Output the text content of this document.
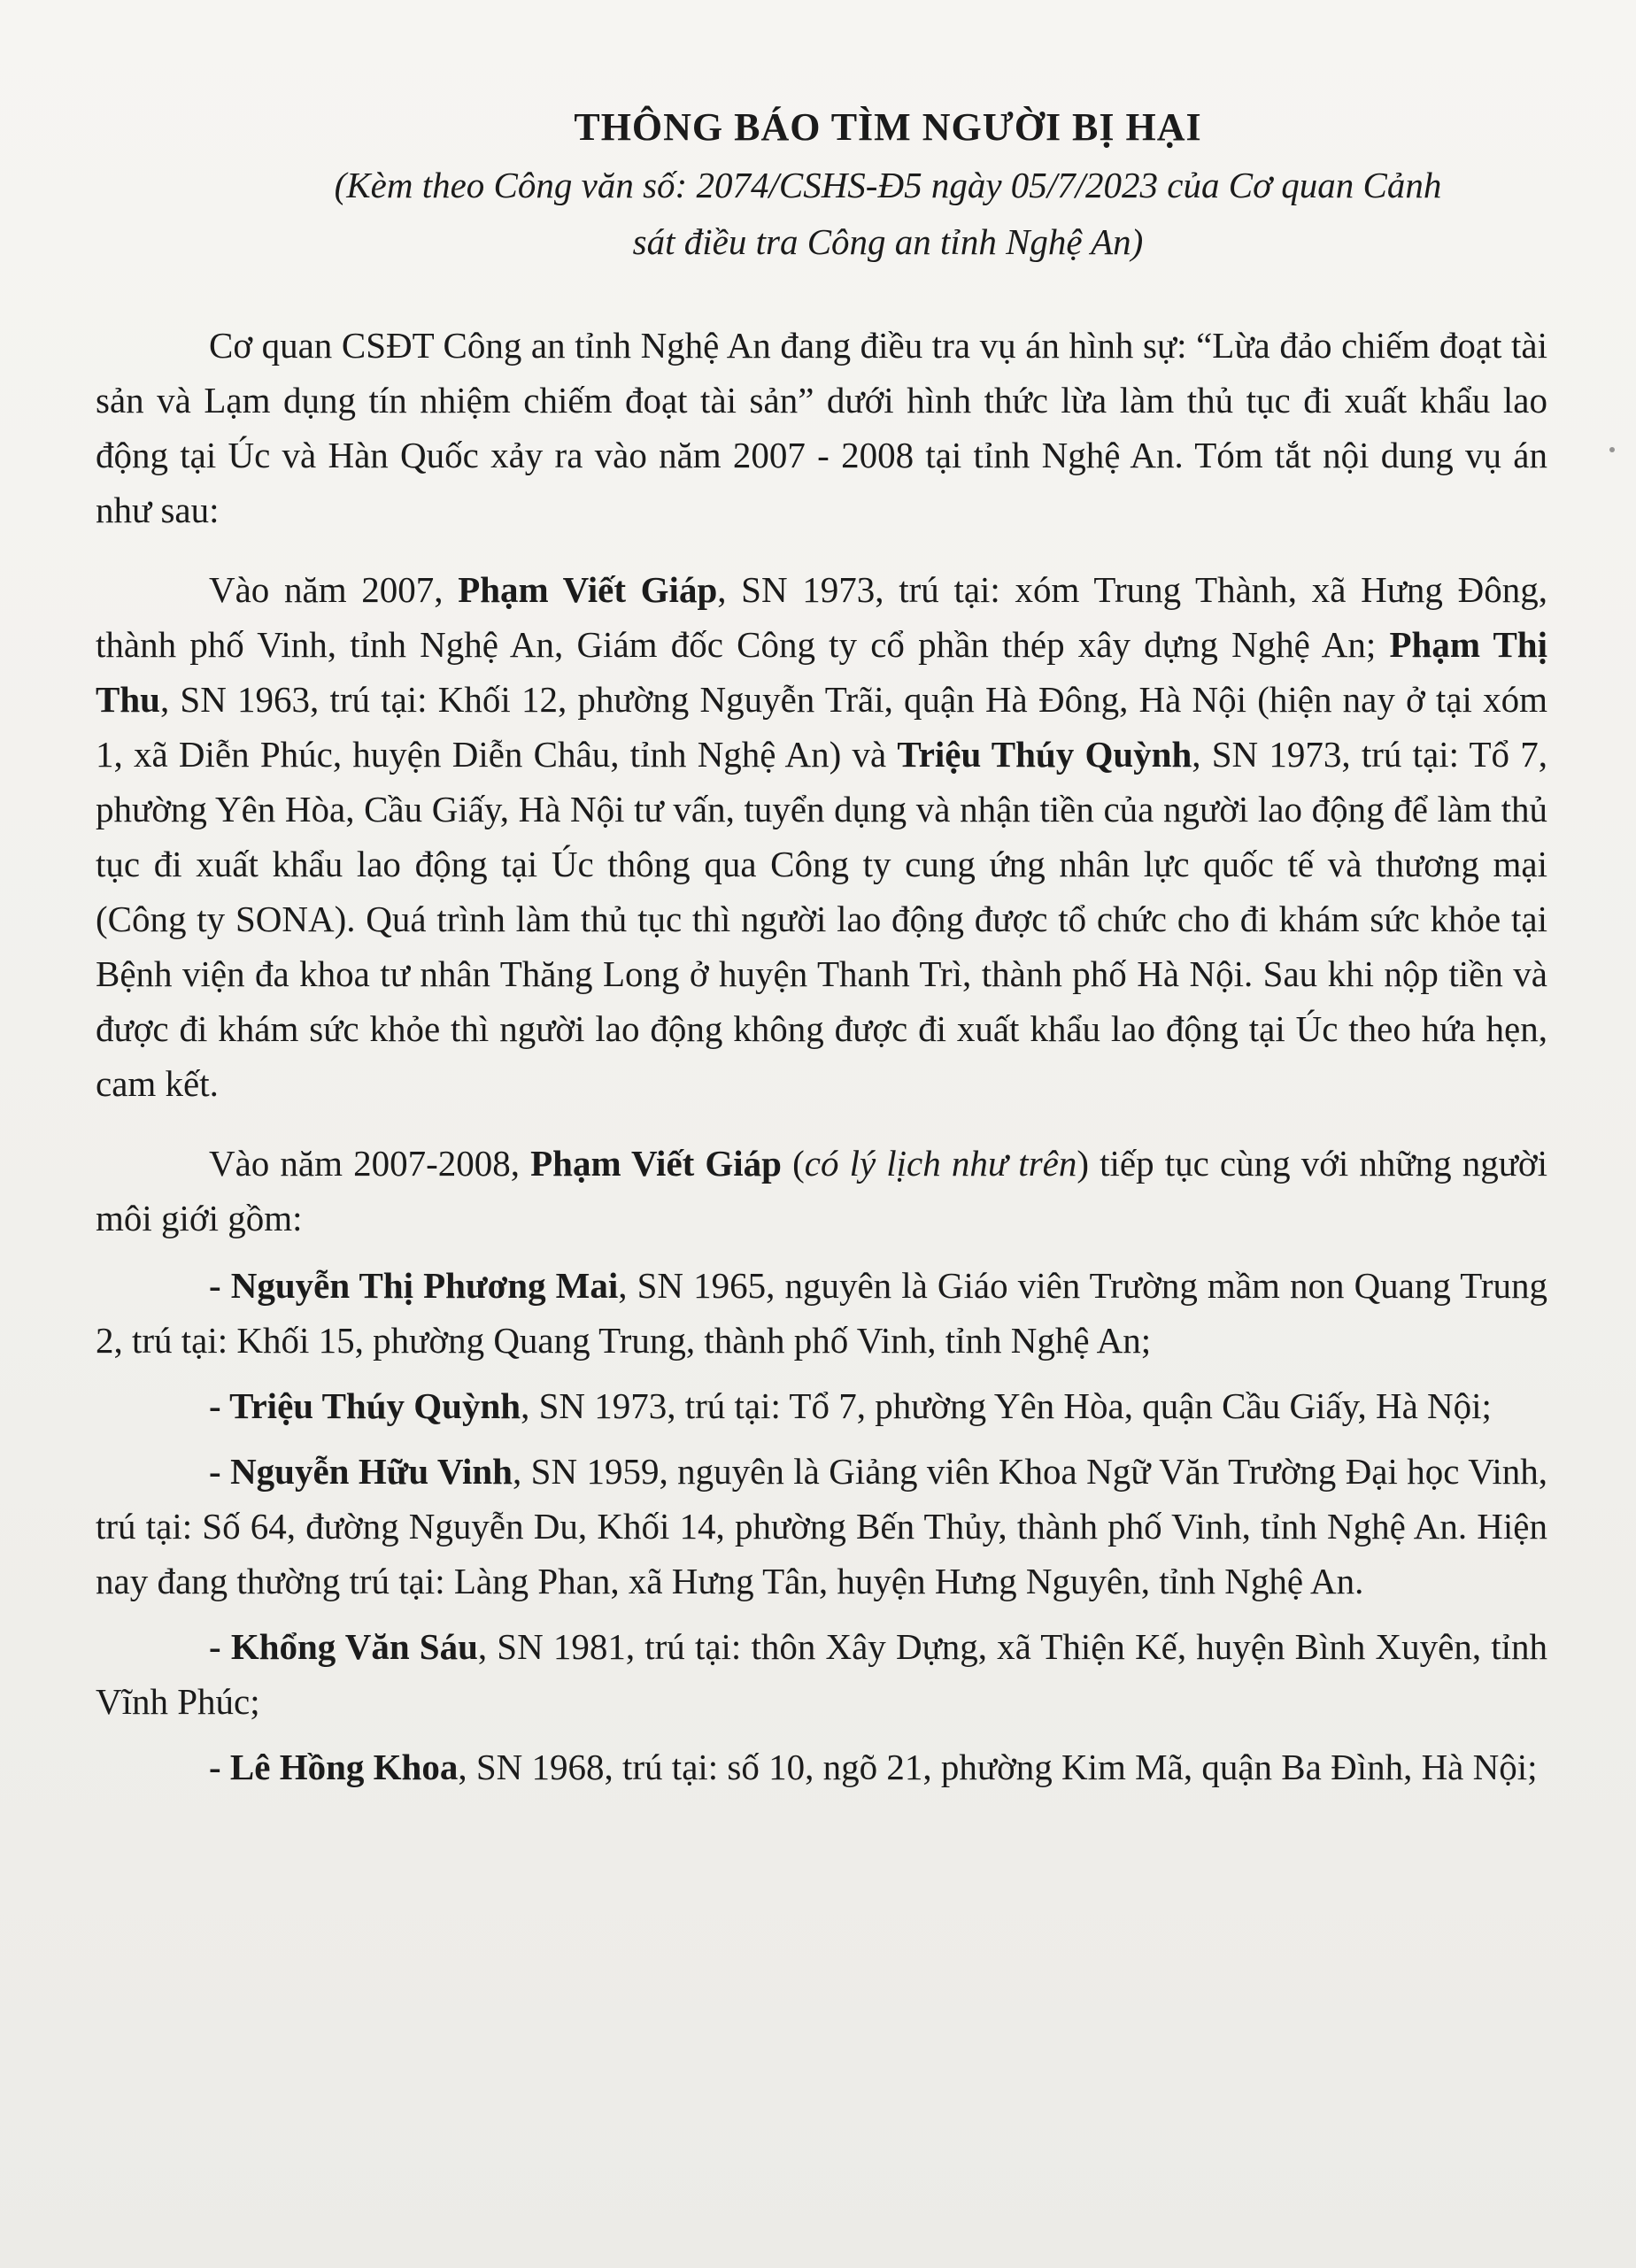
THÔNG BÁO TÌM NGƯỜI BỊ HẠI
(Kèm theo Công văn số: 2074/CSHS-Đ5 ngày 05/7/2023 của Cơ quan Cảnh
sát điều tra Công an tỉnh Nghệ An)

Cơ quan CSĐT Công an tỉnh Nghệ An đang điều tra vụ án hình sự: “Lừa đảo chiếm đoạt tài sản và Lạm dụng tín nhiệm chiếm đoạt tài sản” dưới hình thức lừa làm thủ tục đi xuất khẩu lao động tại Úc và Hàn Quốc xảy ra vào năm 2007 - 2008 tại tỉnh Nghệ An. Tóm tắt nội dung vụ án như sau:

Vào năm 2007, Phạm Viết Giáp, SN 1973, trú tại: xóm Trung Thành, xã Hưng Đông, thành phố Vinh, tỉnh Nghệ An, Giám đốc Công ty cổ phần thép xây dựng Nghệ An; Phạm Thị Thu, SN 1963, trú tại: Khối 12, phường Nguyễn Trãi, quận Hà Đông, Hà Nội (hiện nay ở tại xóm 1, xã Diễn Phúc, huyện Diễn Châu, tỉnh Nghệ An) và Triệu Thúy Quỳnh, SN 1973, trú tại: Tổ 7, phường Yên Hòa, Cầu Giấy, Hà Nội tư vấn, tuyển dụng và nhận tiền của người lao động để làm thủ tục đi xuất khẩu lao động tại Úc thông qua Công ty cung ứng nhân lực quốc tế và thương mại (Công ty SONA). Quá trình làm thủ tục thì người lao động được tổ chức cho đi khám sức khỏe tại Bệnh viện đa khoa tư nhân Thăng Long ở huyện Thanh Trì, thành phố Hà Nội. Sau khi nộp tiền và được đi khám sức khỏe thì người lao động không được đi xuất khẩu lao động tại Úc theo hứa hẹn, cam kết.

Vào năm 2007-2008, Phạm Viết Giáp (có lý lịch như trên) tiếp tục cùng với những người môi giới gồm:

- Nguyễn Thị Phương Mai, SN 1965, nguyên là Giáo viên Trường mầm non Quang Trung 2, trú tại: Khối 15, phường Quang Trung, thành phố Vinh, tỉnh Nghệ An;

- Triệu Thúy Quỳnh, SN 1973, trú tại: Tổ 7, phường Yên Hòa, quận Cầu Giấy, Hà Nội;

- Nguyễn Hữu Vinh, SN 1959, nguyên là Giảng viên Khoa Ngữ Văn Trường Đại học Vinh, trú tại: Số 64, đường Nguyễn Du, Khối 14, phường Bến Thủy, thành phố Vinh, tỉnh Nghệ An. Hiện nay đang thường trú tại: Làng Phan, xã Hưng Tân, huyện Hưng Nguyên, tỉnh Nghệ An.

- Khổng Văn Sáu, SN 1981, trú tại: thôn Xây Dựng, xã Thiện Kế, huyện Bình Xuyên, tỉnh Vĩnh Phúc;

- Lê Hồng Khoa, SN 1968, trú tại: số 10, ngõ 21, phường Kim Mã, quận Ba Đình, Hà Nội;
